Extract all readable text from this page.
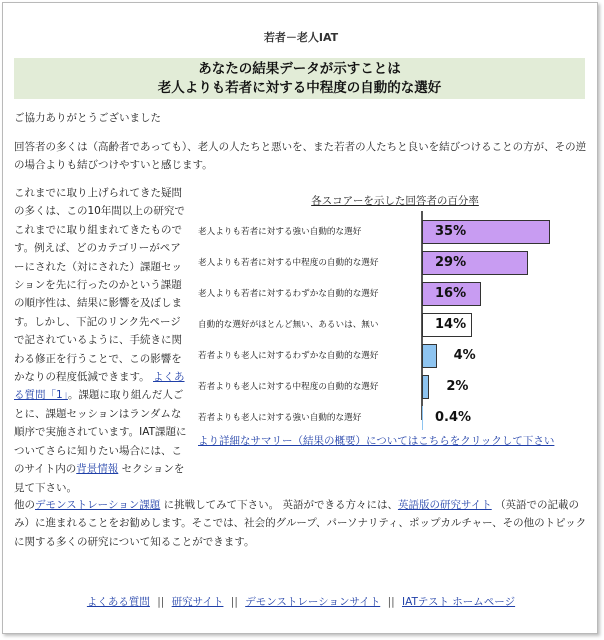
若者－老人IAT
あなたの結果データが示すことは
老人よりも若者に対する中程度の自動的な選好
ご協力ありがとうございました
回答者の多くは（高齢者であっても）、老人の人たちと悪いを、また若者の人たちと良いを結びつけることの方が、その逆の場合よりも結びつけやすいと感じます。
これまでに取り上げられてきた疑問の多くは、この10年間以上の研究でこれまでに取り組まれてきたものです。例えば、どのカテゴリーがペアーにされた（対にされた）課題セッションを先に行ったのかという課題の順序性は、結果に影響を及ぼします。しかし、下記のリンク先ページで記されているように、手続きに関わる修正を行うことで、この影響をかなりの程度低減できます。 よくある質問「1」。課題に取り組んだ人ごとに、課題セッションはランダムな順序で実施されています。IAT課題についてさらに知りたい場合には、このサイト内の背景情報 セクションを見て下さい。
各スコアーを示した回答者の百分率
老人よりも若者に対する強い自動的な選好	35%
老人よりも若者に対する中程度の自動的な選好	29%
老人よりも若者に対するわずかな自動的な選好	16%
自動的な選好がほとんど無い、あるいは、無い	14%
若者よりも老人に対するわずかな自動的な選好	4%
若者よりも老人に対する中程度の自動的な選好	2%
若者よりも老人に対する強い自動的な選好	0.4%
より詳細なサマリー（結果の概要）についてはこちらをクリックして下さい
他のデモンストレーション課題 に挑戦してみて下さい。 英語ができる方々には、英語版の研究サイト （英語での記載のみ）に進まれることをお勧めします。そこでは、社会的グループ、パーソナリティ、ポップカルチャー、その他のトピックに関する多くの研究について知ることができます。
よくある質問 || 研究サイト || デモンストレーションサイト || IATテスト ホームページ
